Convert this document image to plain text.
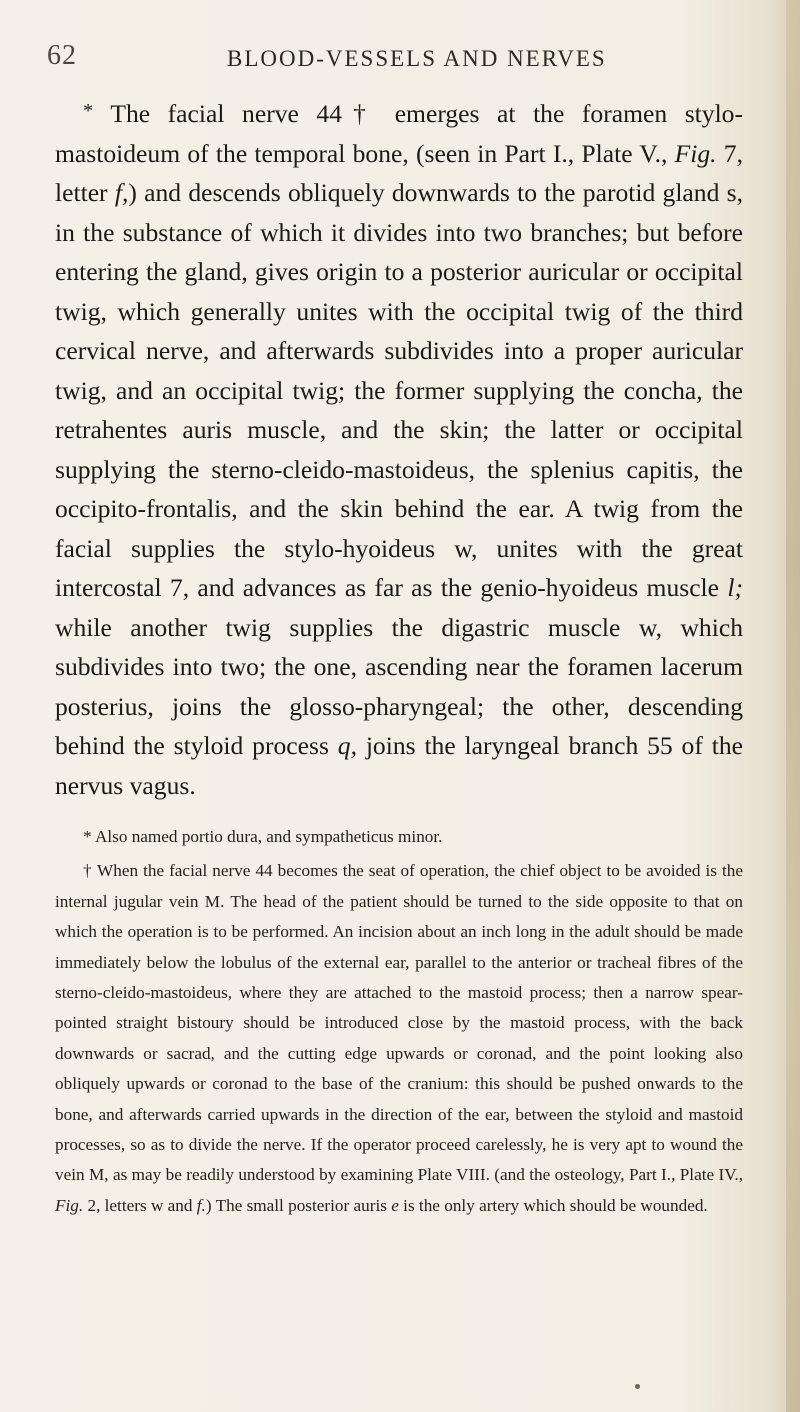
62	BLOOD-VESSELS AND NERVES

* The facial nerve 44† emerges at the foramen stylo-mastoideum of the temporal bone, (seen in Part I., Plate V., Fig. 7, letter f,) and descends obliquely downwards to the parotid gland s, in the substance of which it divides into two branches; but before entering the gland, gives origin to a posterior auricular or occipital twig, which generally unites with the occipital twig of the third cervical nerve, and afterwards subdivides into a proper auricular twig, and an occipital twig; the former supplying the concha, the retrahentes auris muscle, and the skin; the latter or occipital supplying the sterno-cleido-mastoideus, the splenius capitis, the occipito-frontalis, and the skin behind the ear. A twig from the facial supplies the stylo-hyoideus w, unites with the great intercostal 7, and advances as far as the genio-hyoideus muscle l; while another twig supplies the digastric muscle w, which subdivides into two; the one, ascending near the foramen lacerum posterius, joins the glosso-pharyngeal; the other, descending behind the styloid process q, joins the laryngeal branch 55 of the nervus vagus.

* Also named portio dura, and sympatheticus minor.

† When the facial nerve 44 becomes the seat of operation, the chief object to be avoided is the internal jugular vein M. The head of the patient should be turned to the side opposite to that on which the operation is to be performed. An incision about an inch long in the adult should be made immediately below the lobulus of the external ear, parallel to the anterior or tracheal fibres of the sterno-cleido-mastoideus, where they are attached to the mastoid process; then a narrow spear-pointed straight bistoury should be introduced close by the mastoid process, with the back downwards or sacrad, and the cutting edge upwards or coronad, and the point looking also obliquely upwards or coronad to the base of the cranium: this should be pushed onwards to the bone, and afterwards carried upwards in the direction of the ear, between the styloid and mastoid processes, so as to divide the nerve. If the operator proceed carelessly, he is very apt to wound the vein M, as may be readily understood by examining Plate VIII. (and the osteology, Part I., Plate IV., Fig. 2, letters w and f.) The small posterior auris e is the only artery which should be wounded.
